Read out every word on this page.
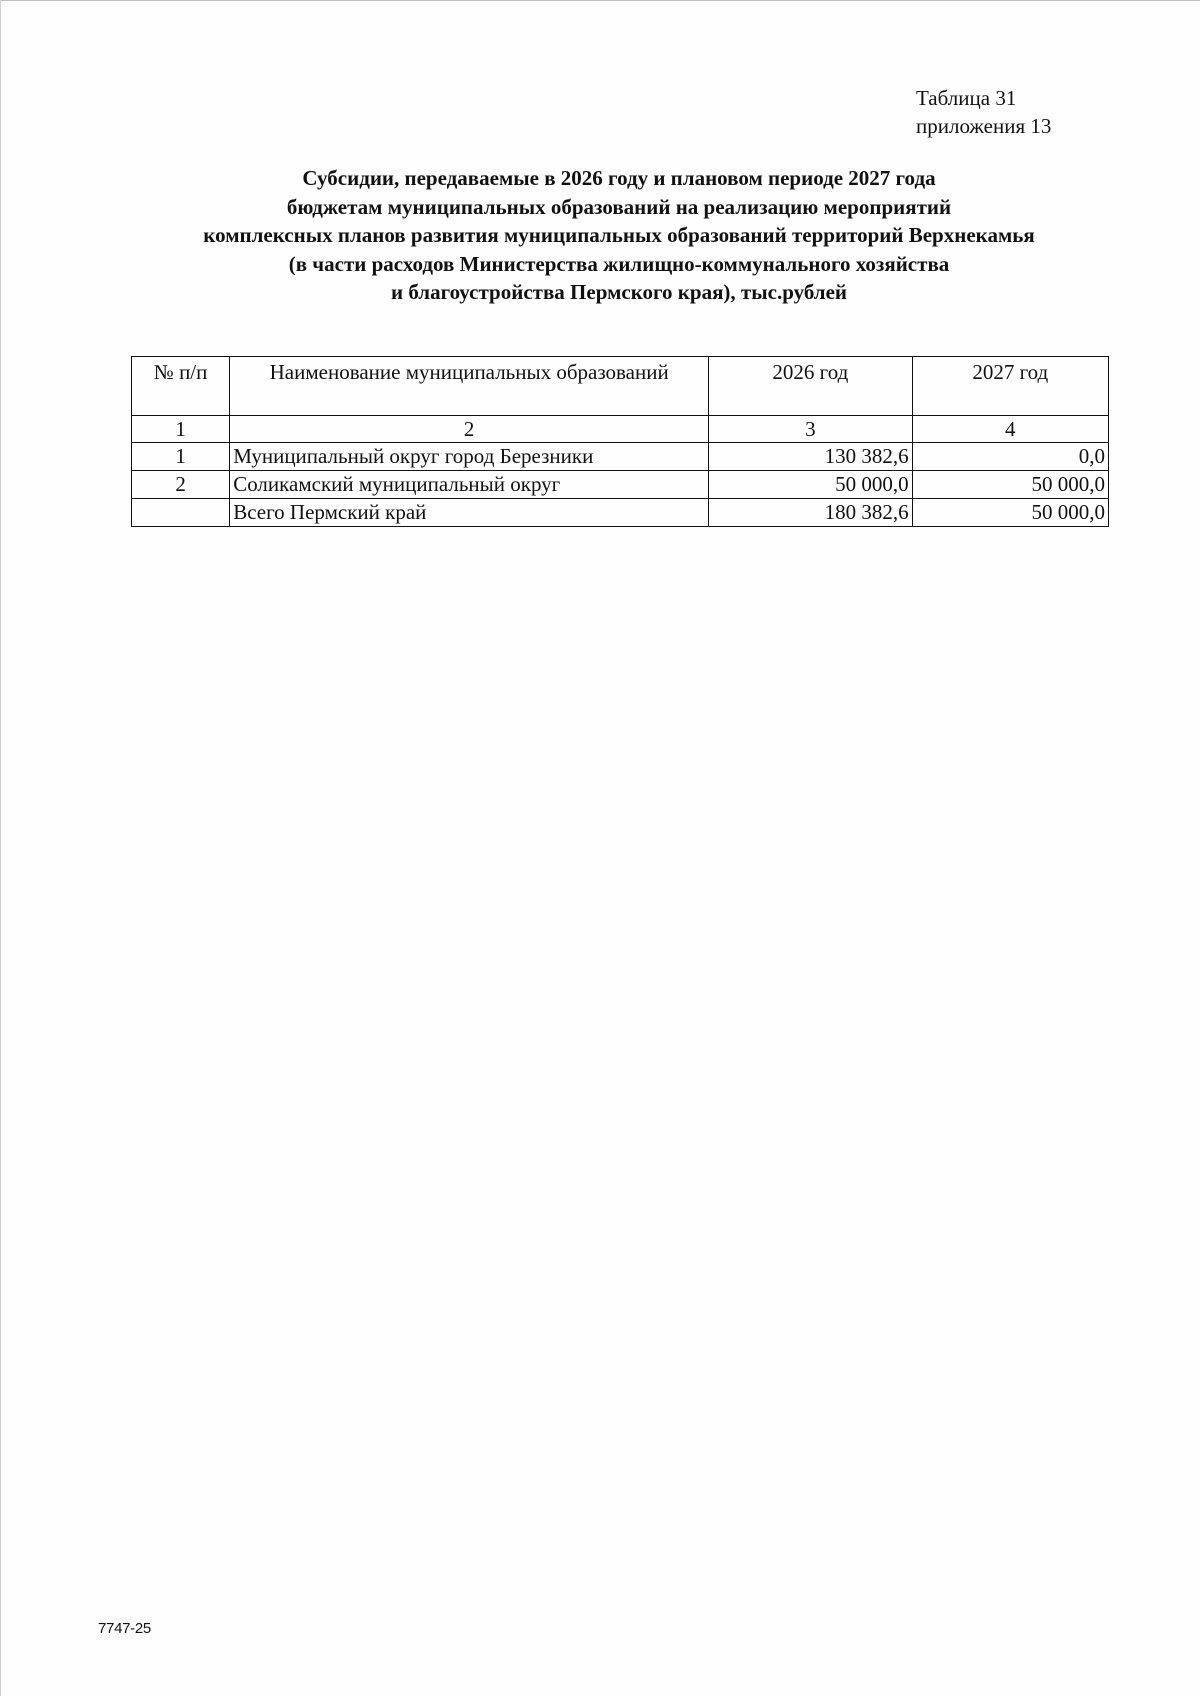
Таблица 31
приложения 13
Субсидии, передаваемые в 2026 году и плановом периоде 2027 года
бюджетам муниципальных образований на реализацию мероприятий
комплексных планов развития муниципальных образований территорий Верхнекамья
(в части расходов Министерства жилищно-коммунального хозяйства
и благоустройства Пермского края), тыс.рублей
№ п/п	Наименование муниципальных образований	2026 год	2027 год
1	2	3	4
1	Муниципальный округ город Березники	130 382,6	0,0
2	Соликамский муниципальный округ	50 000,0	50 000,0
	Всего Пермский край	180 382,6	50 000,0
7747-25
